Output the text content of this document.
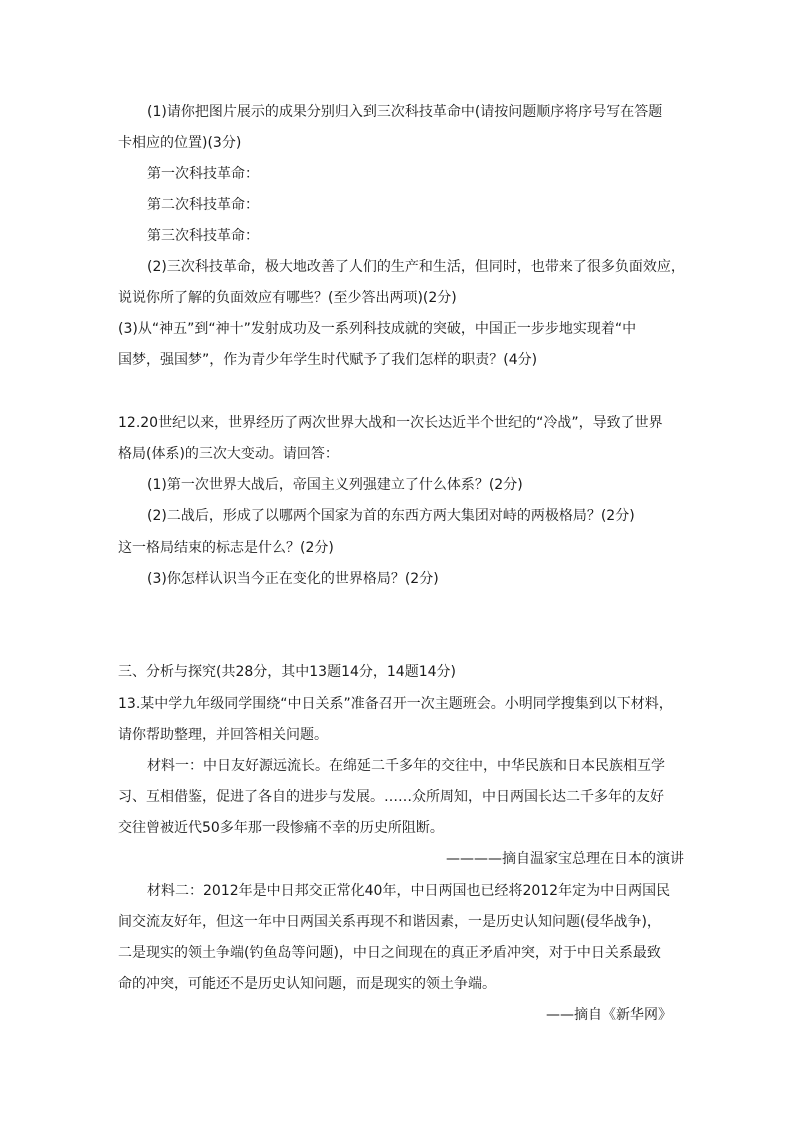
(1)请你把图片展示的成果分别归入到三次科技革命中(请按问题顺序将序号写在答题
卡相应的位置)(3分)
第一次科技革命：
第二次科技革命：
第三次科技革命：
(2)三次科技革命，极大地改善了人们的生产和生活，但同时，也带来了很多负面效应，
说说你所了解的负面效应有哪些？(至少答出两项)(2分)
(3)从“神五”到“神十”发射成功及一系列科技成就的突破，中国正一步步地实现着“中
国梦，强国梦”，作为青少年学生时代赋予了我们怎样的职责？(4分)
12.20世纪以来，世界经历了两次世界大战和一次长达近半个世纪的“冷战”，导致了世界
格局(体系)的三次大变动。请回答：
(1)第一次世界大战后，帝国主义列强建立了什么体系？(2分)
(2)二战后，形成了以哪两个国家为首的东西方两大集团对峙的两极格局？(2分)
这一格局结束的标志是什么？(2分)
(3)你怎样认识当今正在变化的世界格局？(2分)
三、分析与探究(共28分，其中13题14分，14题14分)
13.某中学九年级同学围绕“中日关系”准备召开一次主题班会。小明同学搜集到以下材料，
请你帮助整理，并回答相关问题。
材料一：中日友好源远流长。在绵延二千多年的交往中，中华民族和日本民族相互学
习、互相借鉴，促进了各自的进步与发展。……众所周知，中日两国长达二千多年的友好
交往曾被近代50多年那一段惨痛不幸的历史所阻断。
————摘自温家宝总理在日本的演讲
材料二：2012年是中日邦交正常化40年，中日两国也已经将2012年定为中日两国民
间交流友好年，但这一年中日两国关系再现不和谐因素，一是历史认知问题(侵华战争)，
二是现实的领土争端(钓鱼岛等问题)，中日之间现在的真正矛盾冲突，对于中日关系最致
命的冲突，可能还不是历史认知问题，而是现实的领土争端。
——摘自《新华网》
